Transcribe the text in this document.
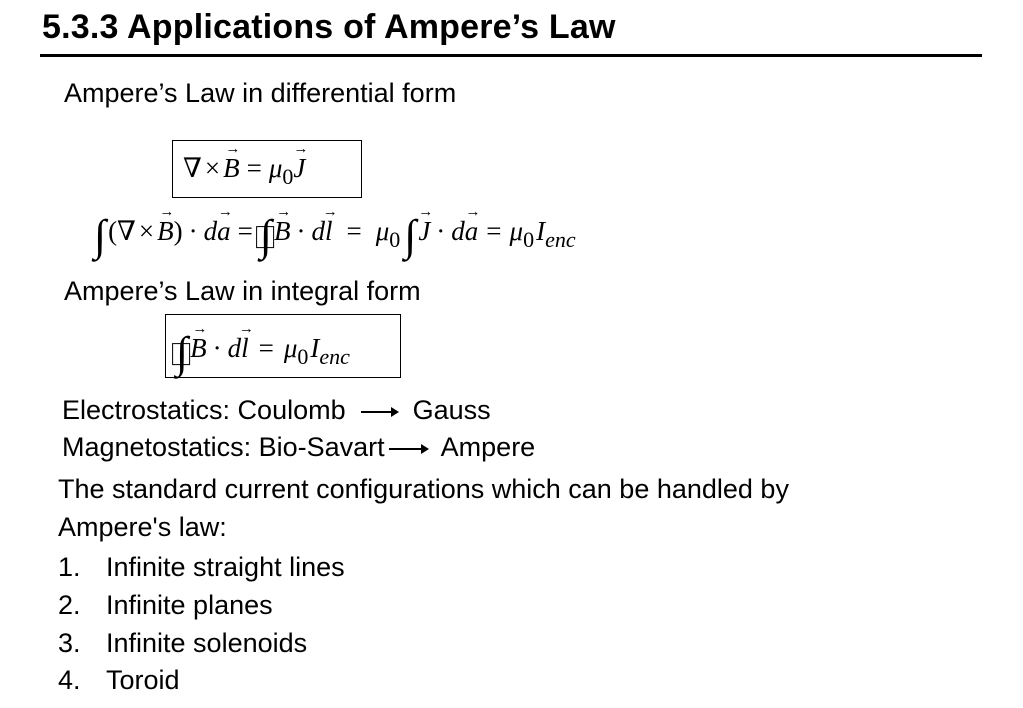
5.3.3 Applications of Ampere’s Law
Ampere’s Law in differential form
∇ × B → = $\mu_0J$ →
∫(∇ × B →) · da → = ∫
B → · dl → = $\mu_0\int J$ → · da → = $\mu_0I_{enc}$
Ampere’s Law in integral form
∫
B → · dl → = $\mu_0I_{enc}$
Electrostatics: Coulomb Gauss
Magnetostatics: Bio-Savart Ampere
The standard current configurations which can be handled by
Ampere's law:
1. Infinite straight lines
2. Infinite planes
3. Infinite solenoids
4. Toroid
